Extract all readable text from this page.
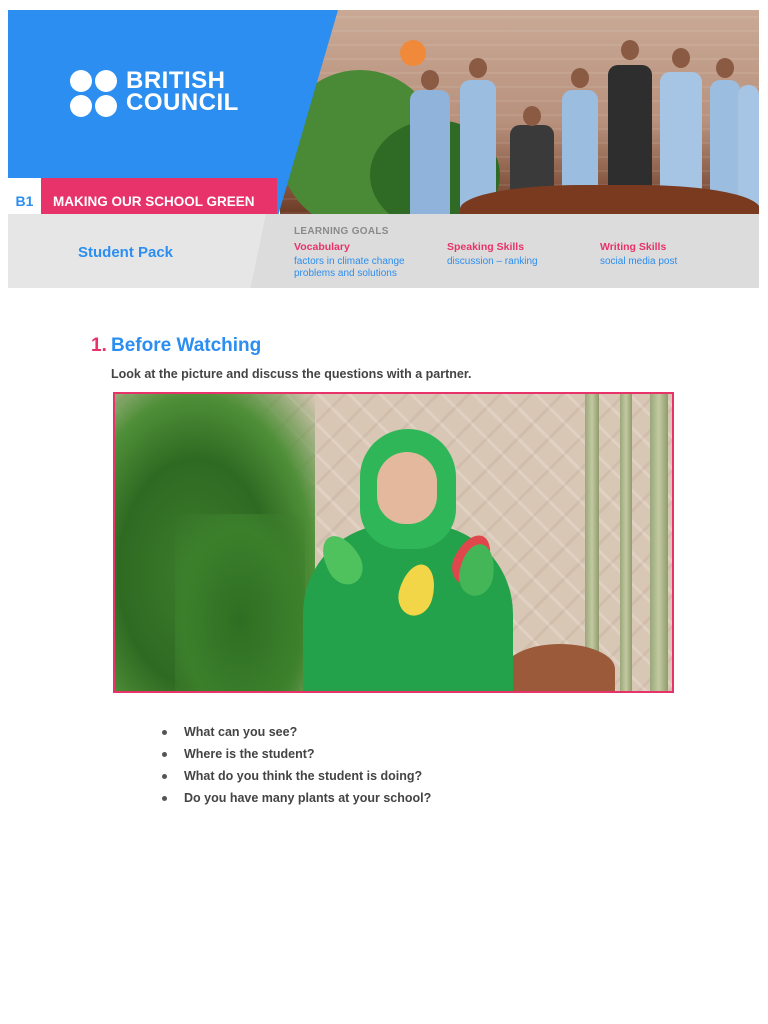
BRITISH
COUNCIL
B1	MAKING OUR SCHOOL GREEN
Student Pack
LEARNING GOALS
Vocabulary
factors in climate change
problems and solutions
Speaking Skills
discussion – ranking
Writing Skills
social media post
1. Before Watching
Look at the picture and discuss the questions with a partner.
What can you see?
Where is the student?
What do you think the student is doing?
Do you have many plants at your school?
